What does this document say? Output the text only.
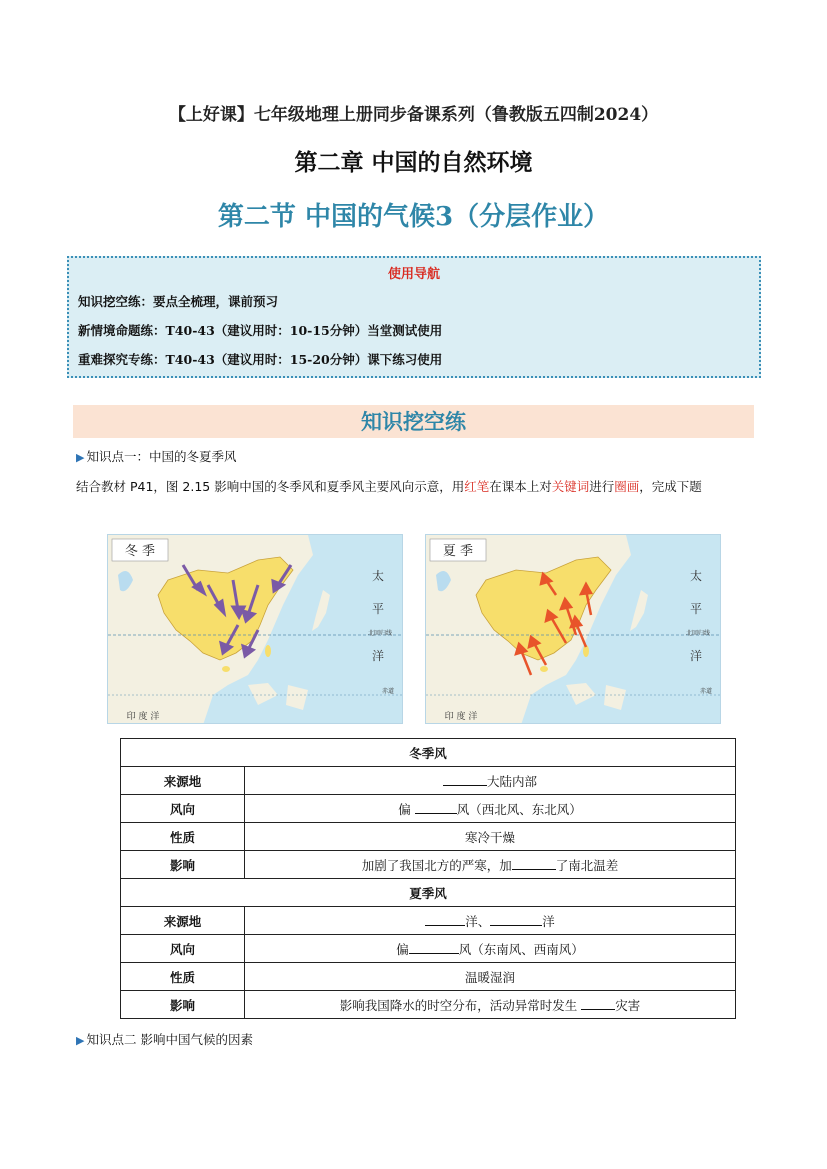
【上好课】七年级地理上册同步备课系列（鲁教版五四制2024）
第二章 中国的自然环境
第二节 中国的气候3（分层作业）
使用导航
知识挖空练：要点全梳理，课前预习
新情境命题练：T40-43（建议用时：10-15分钟）当堂测试使用
重难探究专练：T40-43（建议用时：15-20分钟）课下练习使用
知识挖空练
▶ 知识点一：中国的冬夏季风
结合教材 P41，图 2.15 影响中国的冬季风和夏季风主要风向示意，用红笔在课本上对关键词进行圈画，完成下题
冬 季
太
平
北回归线
洋
赤道
印 度 洋
夏 季
太
平
北回归线
洋
赤道
印 度 洋
冬季风	
来源地	大陆内部
风向	偏 风（西北风、东北风）
性质	寒冷干燥
影响	加剧了我国北方的严寒，加 了南北温差
夏季风	
来源地	洋、 洋
风向	偏 风（东南风、西南风）
性质	温暖湿润
影响	影响我国降水的时空分布，活动异常时发生 灾害
▶ 知识点二 影响中国气候的因素
